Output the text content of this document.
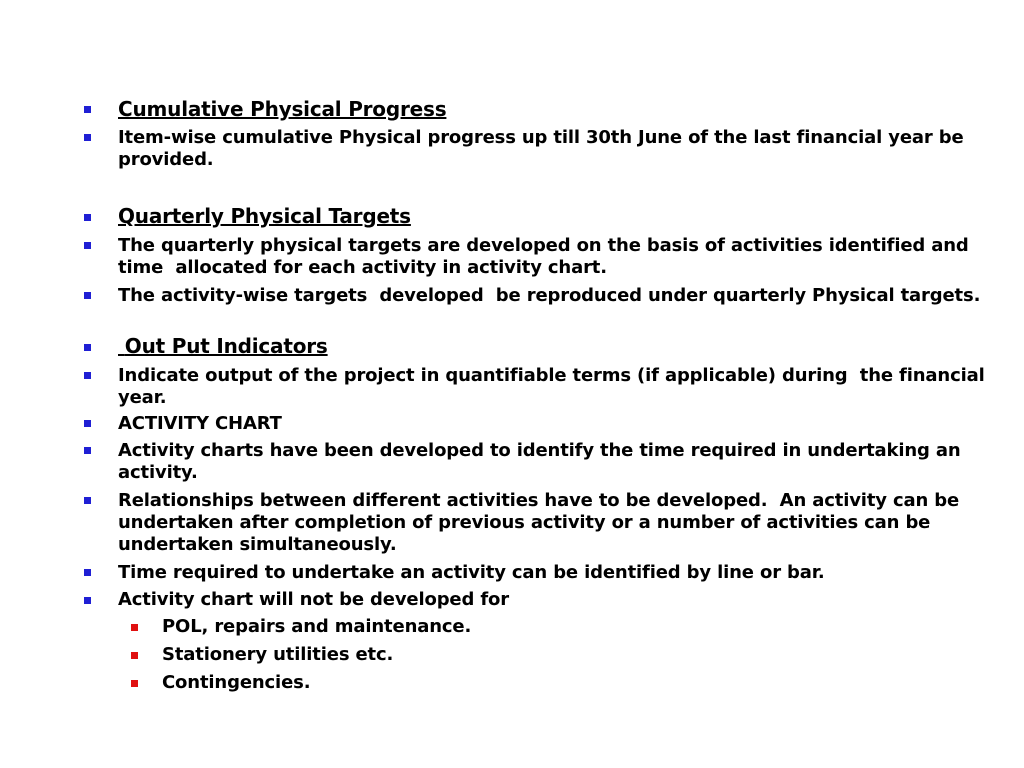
Cumulative Physical Progress
Item-wise cumulative Physical progress up till 30th June of the last financial year be provided.
Quarterly Physical Targets
The quarterly physical targets are developed on the basis of activities identified and   time  allocated for each activity in activity chart.
The activity-wise targets  developed  be reproduced under quarterly Physical targets.
Out Put Indicators
Indicate output of the project in quantifiable terms (if applicable) during  the financial year.
ACTIVITY CHART
Activity charts have been developed to identify the time required in undertaking an activity.
Relationships between different activities have to be developed.  An activity can be undertaken after completion of previous activity or a number of activities can be undertaken simultaneously.
Time required to undertake an activity can be identified by line or bar.
Activity chart will not be developed for
POL, repairs and maintenance.
Stationery utilities etc.
Contingencies.
